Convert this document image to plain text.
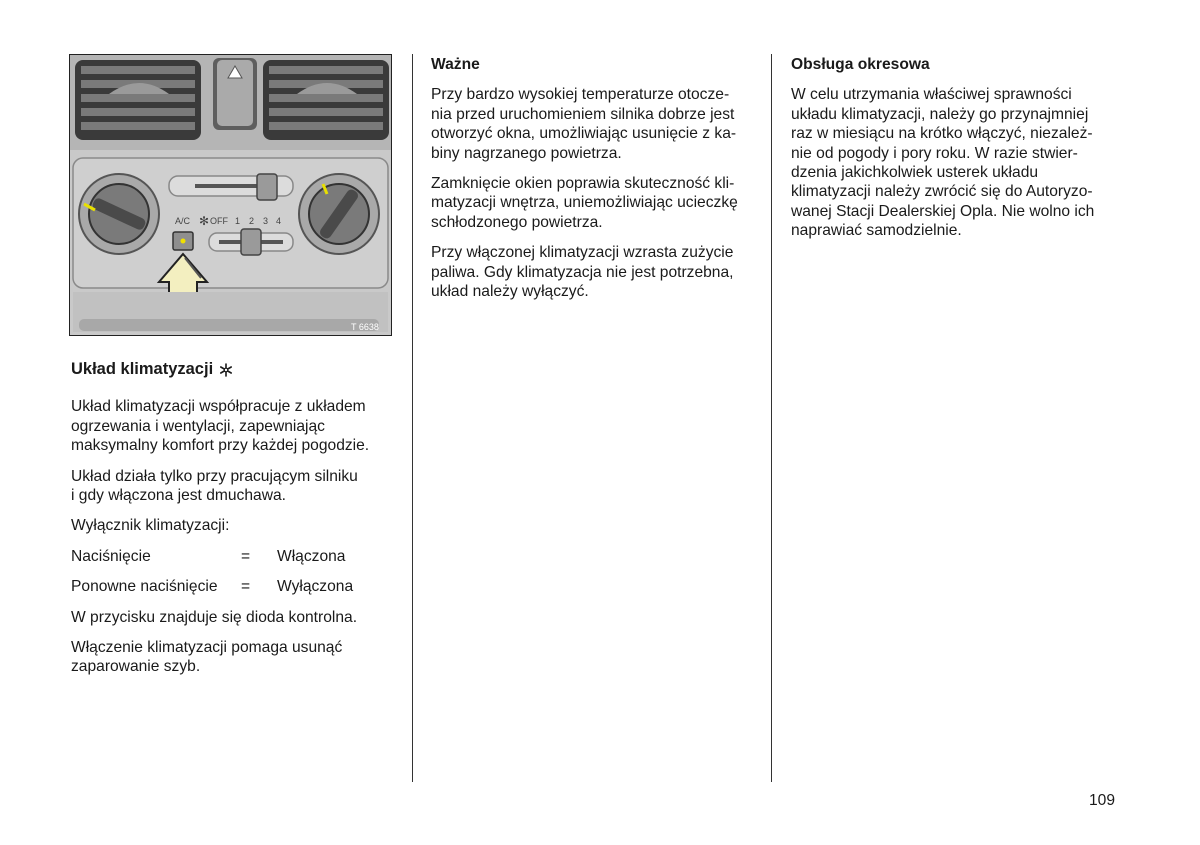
A/C ✻ OFF 1 2 3 4
T 6638
Układ klimatyzacji

Układ klimatyzacji współpracuje z układem
ogrzewania i wentylacji, zapewniając
maksymalny komfort przy każdej pogodzie.

Układ działa tylko przy pracującym silniku
i gdy włączona jest dmuchawa.

Wyłącznik klimatyzacji:

Naciśnięcie	=	Włączona
Ponowne naciśnięcie	=	Wyłączona

W przycisku znajduje się dioda kontrolna.

Włączenie klimatyzacji pomaga usunąć
zaparowanie szyb.

Ważne

Przy bardzo wysokiej temperaturze otocze-
nia przed uruchomieniem silnika dobrze jest
otworzyć okna, umożliwiając usunięcie z ka-
biny nagrzanego powietrza.

Zamknięcie okien poprawia skuteczność kli-
matyzacji wnętrza, uniemożliwiając ucieczkę
schłodzonego powietrza.

Przy włączonej klimatyzacji wzrasta zużycie
paliwa. Gdy klimatyzacja nie jest potrzebna,
układ należy wyłączyć.

Obsługa okresowa

W celu utrzymania właściwej sprawności
układu klimatyzacji, należy go przynajmniej
raz w miesiącu na krótko włączyć, niezależ-
nie od pogody i pory roku. W razie stwier-
dzenia jakichkolwiek usterek układu
klimatyzacji należy zwrócić się do Autoryzo-
wanej Stacji Dealerskiej Opla. Nie wolno ich
naprawiać samodzielnie.

109
